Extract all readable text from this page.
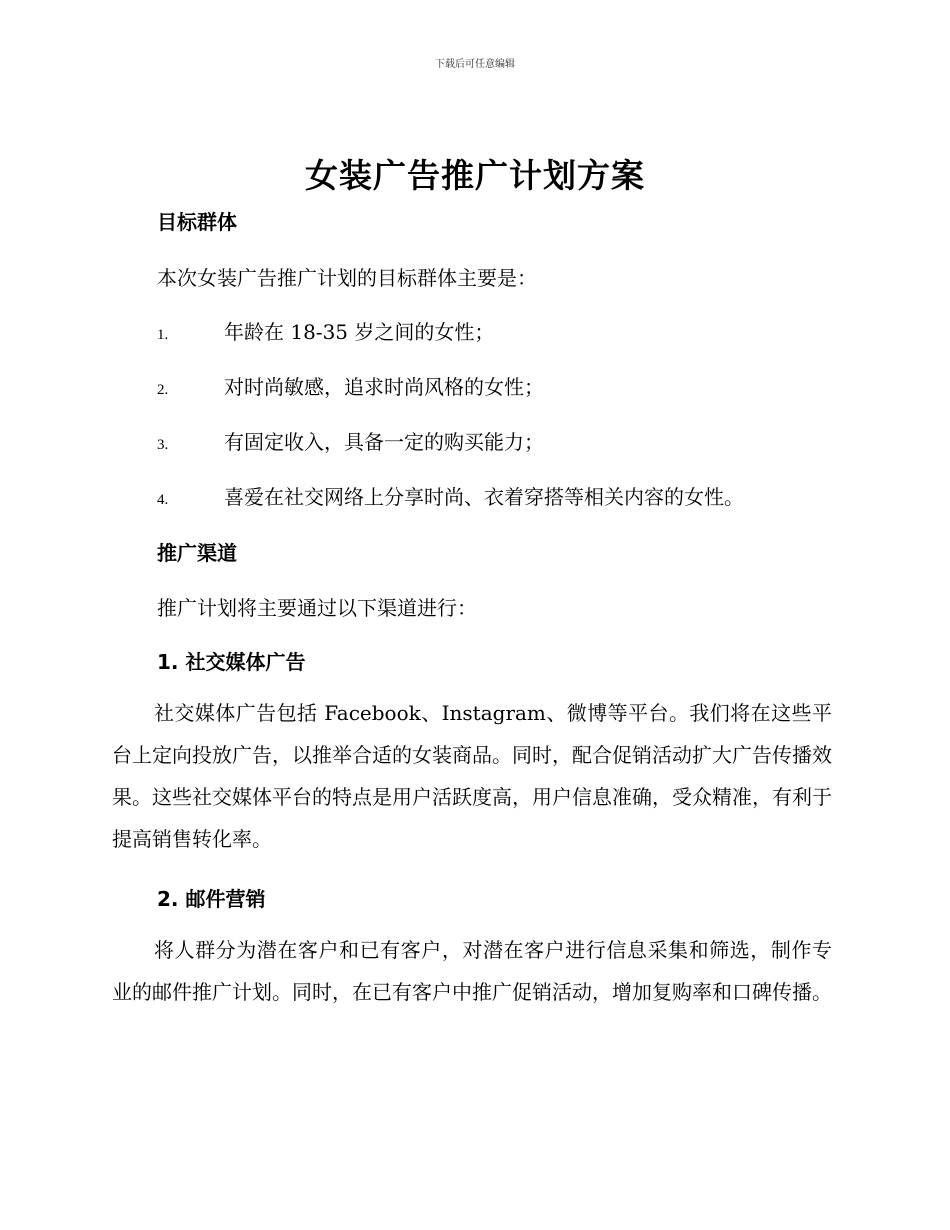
下载后可任意编辑
女装广告推广计划方案
目标群体
本次女装广告推广计划的目标群体主要是：
1.	年龄在 18-35 岁之间的女性；
2.	对时尚敏感，追求时尚风格的女性；
3.	有固定收入，具备一定的购买能力；
4.	喜爱在社交网络上分享时尚、衣着穿搭等相关内容的女性。
推广渠道
推广计划将主要通过以下渠道进行：
1. 社交媒体广告
社交媒体广告包括 Facebook、Instagram、微博等平台。我们将在这些平台上定向投放广告，以推举合适的女装商品。同时，配合促销活动扩大广告传播效果。这些社交媒体平台的特点是用户活跃度高，用户信息准确，受众精准，有利于提高销售转化率。
2. 邮件营销
将人群分为潜在客户和已有客户，对潜在客户进行信息采集和筛选，制作专业的邮件推广计划。同时，在已有客户中推广促销活动，增加复购率和口碑传播。
